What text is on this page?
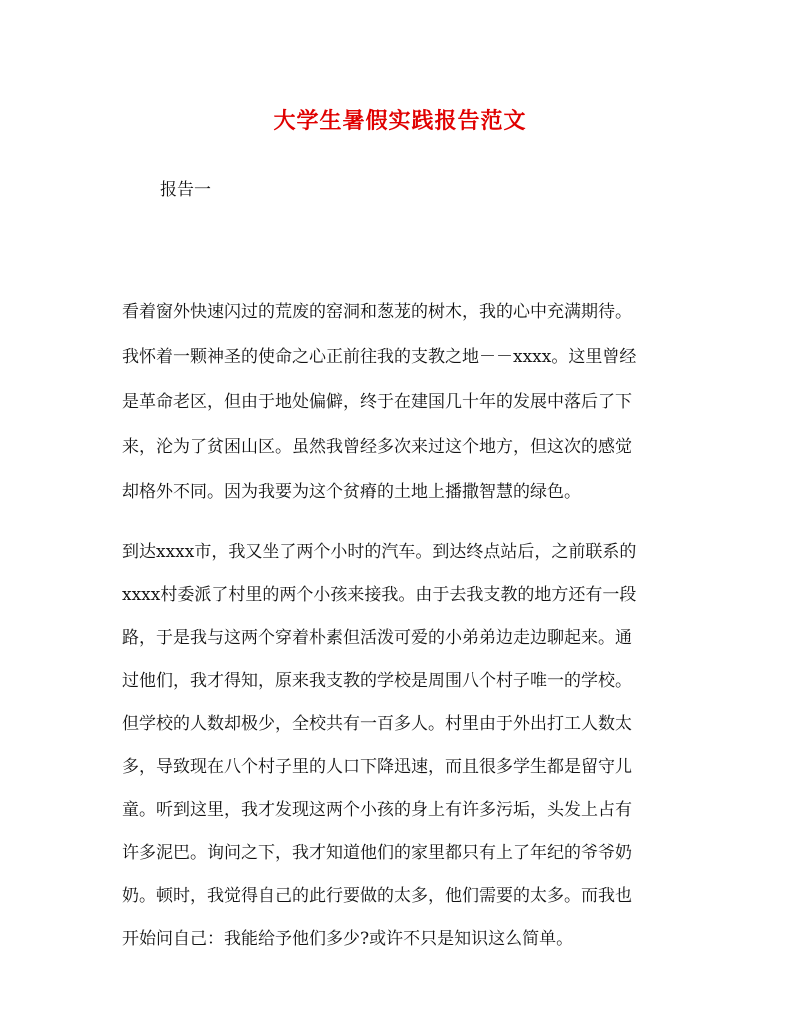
大学生暑假实践报告范文
报告一
看着窗外快速闪过的荒废的窑洞和葱茏的树木，我的心中充满期待。
我怀着一颗神圣的使命之心正前往我的支教之地－－xxxx。这里曾经
是革命老区，但由于地处偏僻，终于在建国几十年的发展中落后了下
来，沦为了贫困山区。虽然我曾经多次来过这个地方，但这次的感觉
却格外不同。因为我要为这个贫瘠的土地上播撒智慧的绿色。
到达xxxx市，我又坐了两个小时的汽车。到达终点站后，之前联系的
xxxx村委派了村里的两个小孩来接我。由于去我支教的地方还有一段
路，于是我与这两个穿着朴素但活泼可爱的小弟弟边走边聊起来。通
过他们，我才得知，原来我支教的学校是周围八个村子唯一的学校。
但学校的人数却极少，全校共有一百多人。村里由于外出打工人数太
多，导致现在八个村子里的人口下降迅速，而且很多学生都是留守儿
童。听到这里，我才发现这两个小孩的身上有许多污垢，头发上占有
许多泥巴。询问之下，我才知道他们的家里都只有上了年纪的爷爷奶
奶。顿时，我觉得自己的此行要做的太多，他们需要的太多。而我也
开始问自己：我能给予他们多少?或许不只是知识这么简单。
